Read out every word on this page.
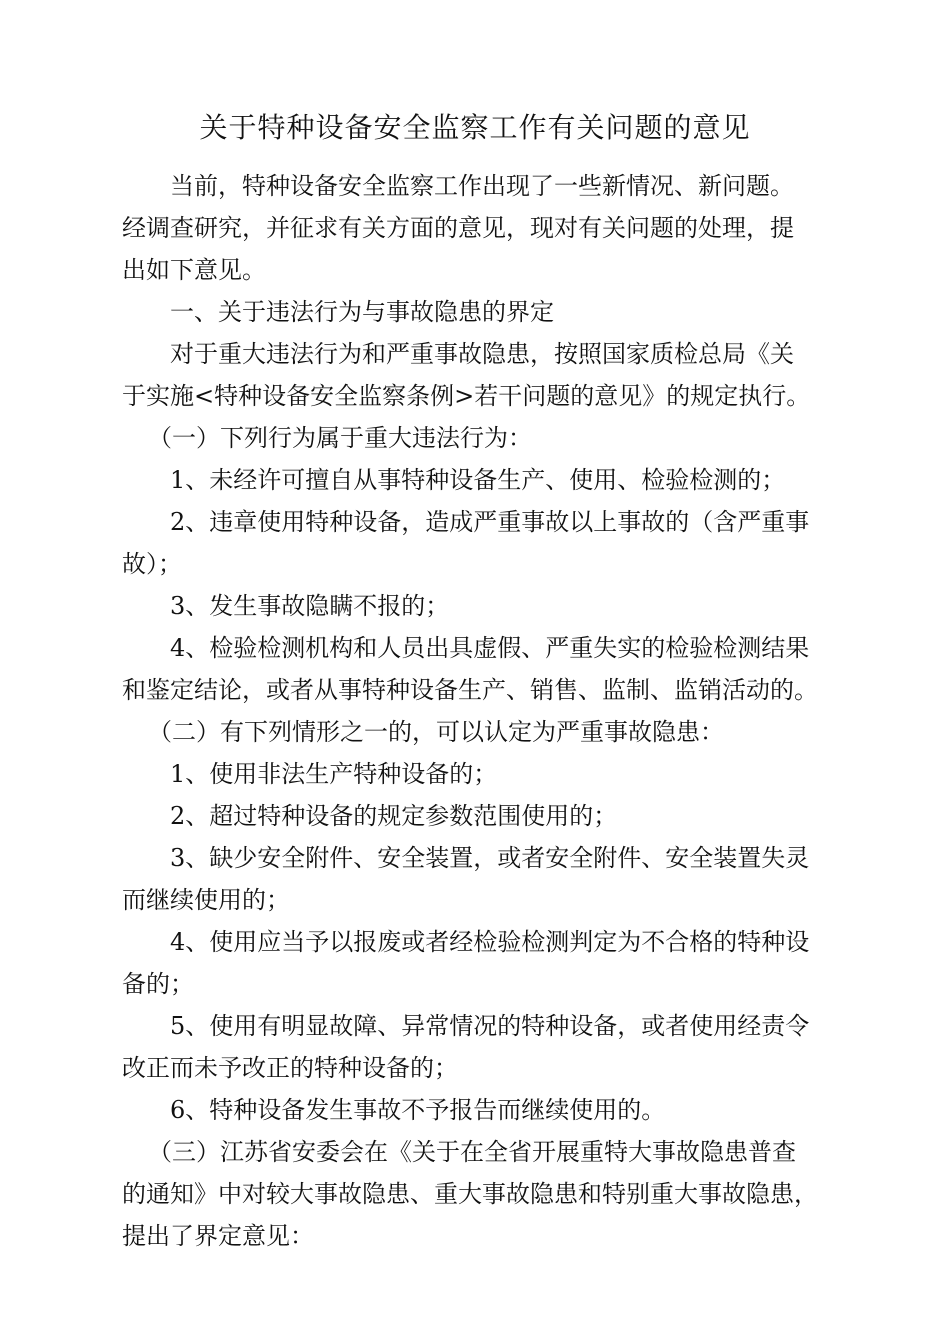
关于特种设备安全监察工作有关问题的意见
当前，特种设备安全监察工作出现了一些新情况、新问题。
经调查研究，并征求有关方面的意见，现对有关问题的处理，提
出如下意见。
一、关于违法行为与事故隐患的界定
对于重大违法行为和严重事故隐患，按照国家质检总局《关
于实施<特种设备安全监察条例>若干问题的意见》的规定执行。
（一）下列行为属于重大违法行为：
1、未经许可擅自从事特种设备生产、使用、检验检测的；
2、违章使用特种设备，造成严重事故以上事故的（含严重事
故）；
3、发生事故隐瞒不报的；
4、检验检测机构和人员出具虚假、严重失实的检验检测结果
和鉴定结论，或者从事特种设备生产、销售、监制、监销活动的。
（二）有下列情形之一的，可以认定为严重事故隐患：
1、使用非法生产特种设备的；
2、超过特种设备的规定参数范围使用的；
3、缺少安全附件、安全装置，或者安全附件、安全装置失灵
而继续使用的；
4、使用应当予以报废或者经检验检测判定为不合格的特种设
备的；
5、使用有明显故障、异常情况的特种设备，或者使用经责令
改正而未予改正的特种设备的；
6、特种设备发生事故不予报告而继续使用的。
（三）江苏省安委会在《关于在全省开展重特大事故隐患普查
的通知》中对较大事故隐患、重大事故隐患和特别重大事故隐患，
提出了界定意见：
